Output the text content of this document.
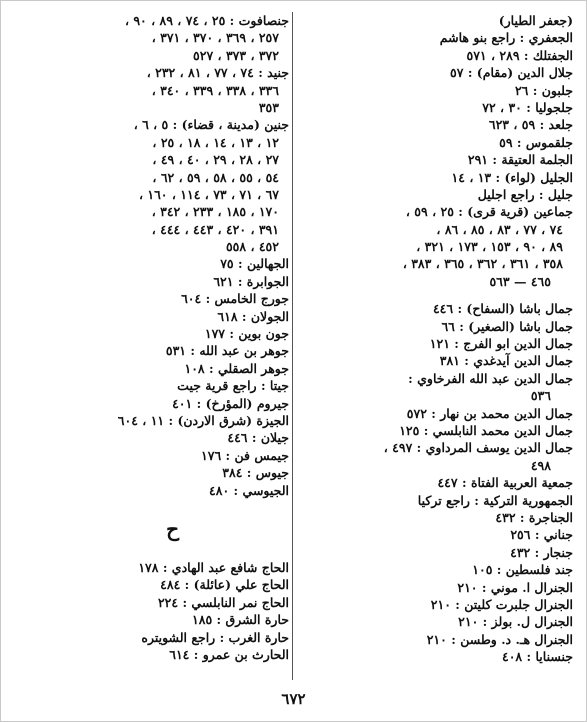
(جعفر الطيار)
الجعفري : راجع بنو هاشم
الجفتلك : ٢٨٩ ، ٥٧١
جلال الدين (مقام) : ٥٧
جلبون : ٢٦
جلجوليا : ٣٠ ، ٧٢
جلعد : ٥٩ ، ٦٢٣
جلقموس : ٥٩
الجلمة العتيقة : ٢٩١
الجليل (لواء) : ١٣ ، ١٤
جليل : راجع اجليل
جماعين (قرية قرى) : ٢٥ ، ٥٩ ،
٧٤ ، ٧٧ ، ٨٣ ، ٨٥ ، ٨٦ ،
٨٩ ، ٩٠ ، ١٥٣ ، ١٧٣ ، ٣٢١ ،
٣٥٨ ، ٣٦١ ، ٣٦٢ ، ٣٦٥ ، ٣٨٣ ،
٤٦٥ — ٥٦٣
جمال باشا (السفاح) : ٤٤٦
جمال باشا (الصغير) : ٦٦
جمال الدين ابو الفرج : ١٢١
جمال الدين آيدغدي : ٣٨١
جمال الدين عبد الله الفرخاوي :
٥٣٦
جمال الدين محمد بن نهار : ٥٧٢
جمال الدين محمد النابلسي : ١٢٥
جمال الدين يوسف المرداوي : ٤٩٧ ،
٤٩٨
جمعية العربية الفتاة : ٤٤٧
الجمهورية التركية : راجع تركيا
الجناجرة : ٤٣٢
جناني : ٢٥٦
جنجار : ٤٣٢
جند فلسطين : ١٠٥
الجنرال ا. موني : ٢١٠
الجنرال جلبرت كليتن : ٢١٠
الجنرال ل. بولز : ٢١٠
الجنرال هـ. د. وطسن : ٢١٠
جنسنايا : ٤٠٨
جنصافوت : ٢٥ ، ٧٤ ، ٨٩ ، ٩٠ ،
٢٥٧ ، ٣٦٩ ، ٣٧٠ ، ٣٧١ ،
٣٧٢ ، ٣٧٣ ، ٥٢٧
جنيد : ٧٤ ، ٧٧ ، ٨١ ، ٢٣٢ ،
٣٣٦ ، ٣٣٨ ، ٣٣٩ ، ٣٤٠ ،
٣٥٣
جنين (مدينة ، قضاء) : ٥ ، ٦ ،
١٢ ، ١٣ ، ١٤ ، ١٨ ، ٢٥ ،
٢٧ ، ٢٨ ، ٢٩ ، ٤٠ ، ٤٩ ،
٥٤ ، ٥٥ ، ٥٨ ، ٥٩ ، ٦٢ ،
٦٧ ، ٧١ ، ٧٣ ، ١١٤ ، ١٦٠ ،
١٧٠ ، ١٨٥ ، ٢٣٣ ، ٣٤٢ ،
٣٩١ ، ٤٢٠ ، ٤٤٣ ، ٤٤٤ ،
٤٥٢ ، ٥٥٨
الجهالين : ٧٥
الجوابرة : ٦٢١
جورج الخامس : ٦٠٤
الجولان : ٦١٨
جون بوين : ١٧٧
جوهر بن عبد الله : ٥٣١
جوهر الصقلي : ١٠٨
جيتا : راجع قرية جيت
جيروم (المؤرخ) : ٤٠١
الجيزة (شرق الاردن) : ١١ ، ٦٠٤
جيلان : ٤٤٦
جيمس فن : ١٧٦
جيوس : ٣٨٤
الجيوسي : ٤٨٠
ح
الحاج شافع عبد الهادي : ١٧٨
الحاج علي (عائلة) : ٤٨٤
الحاج نمر النابلسي : ٢٢٤
حارة الشرق : ١٨٥
حارة الغرب : راجع الشويتره
الحارث بن عمرو : ٦١٤
٦٧٢
